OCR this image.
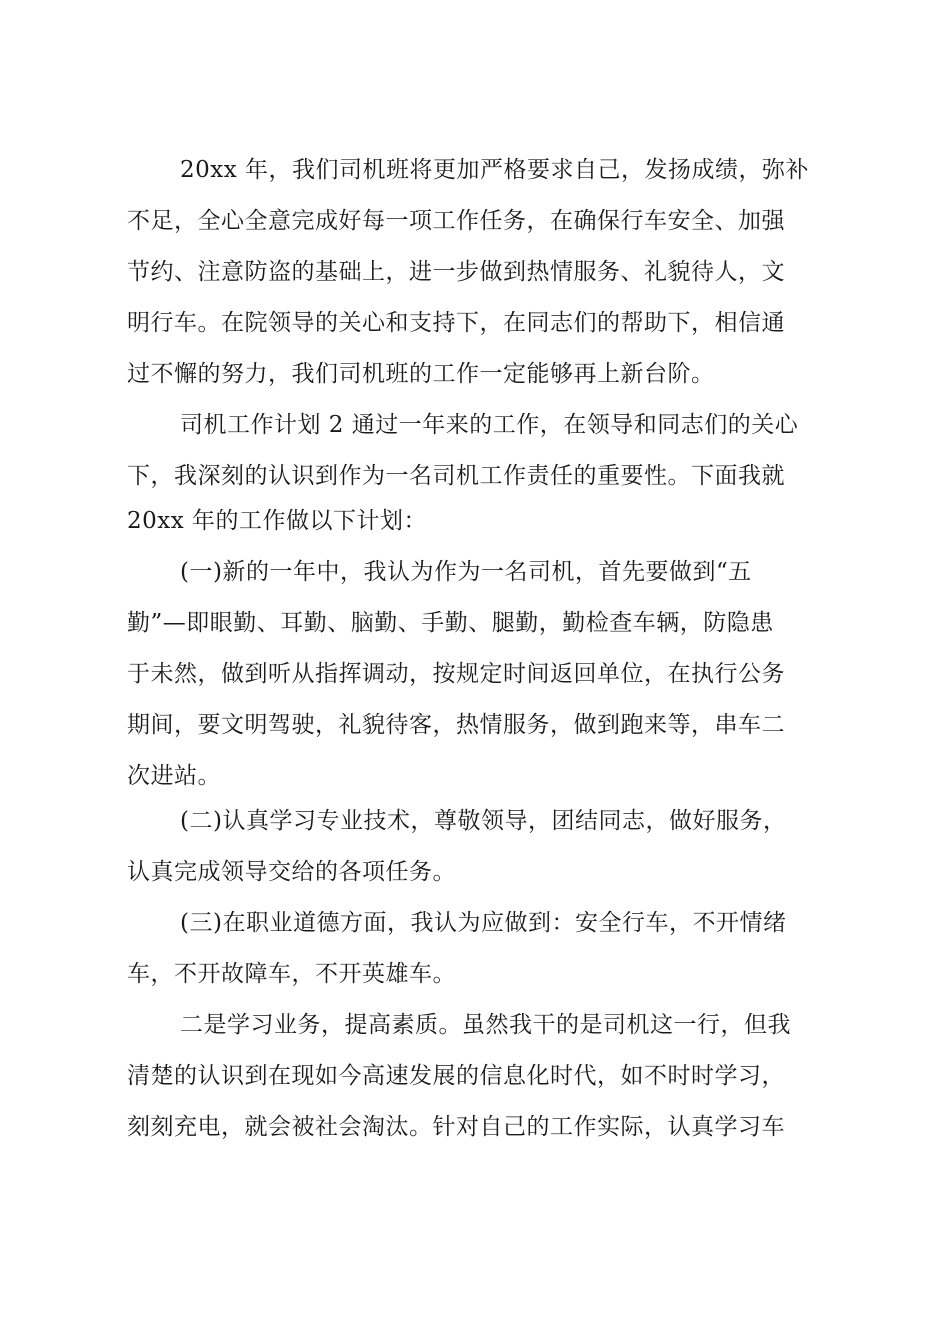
20xx 年，我们司机班将更加严格要求自己，发扬成绩，弥补
不足，全心全意完成好每一项工作任务，在确保行车安全、加强
节约、注意防盗的基础上，进一步做到热情服务、礼貌待人，文
明行车。在院领导的关心和支持下，在同志们的帮助下，相信通
过不懈的努力，我们司机班的工作一定能够再上新台阶。
司机工作计划 2 通过一年来的工作，在领导和同志们的关心
下，我深刻的认识到作为一名司机工作责任的重要性。下面我就
20xx 年的工作做以下计划：
(一)新的一年中，我认为作为一名司机，首先要做到“五
勤”—即眼勤、耳勤、脑勤、手勤、腿勤，勤检查车辆，防隐患
于未然，做到听从指挥调动，按规定时间返回单位，在执行公务
期间，要文明驾驶，礼貌待客，热情服务，做到跑来等，串车二
次进站。
(二)认真学习专业技术，尊敬领导，团结同志，做好服务，
认真完成领导交给的各项任务。
(三)在职业道德方面，我认为应做到：安全行车，不开情绪
车，不开故障车，不开英雄车。
二是学习业务，提高素质。虽然我干的是司机这一行，但我
清楚的认识到在现如今高速发展的信息化时代，如不时时学习，
刻刻充电，就会被社会淘汰。针对自己的工作实际，认真学习车
